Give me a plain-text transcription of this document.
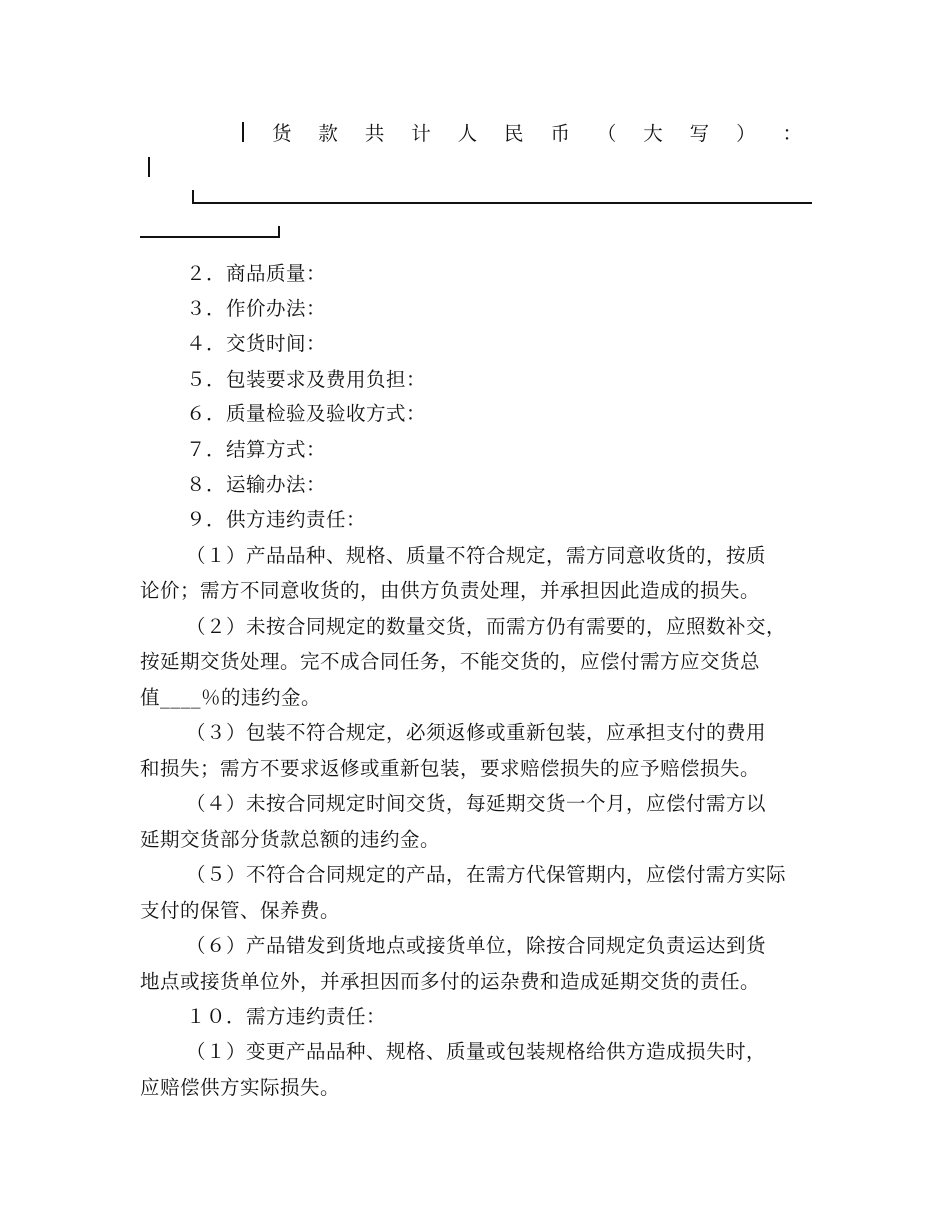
货 款 共 计 人 民 币 （ 大 写 ） ：
２．商品质量：
３．作价办法：
４．交货时间：
５．包装要求及费用负担：
６．质量检验及验收方式：
７．结算方式：
８．运输办法：
９．供方违约责任：
（１）产品品种、规格、质量不符合规定，需方同意收货的，按质
论价；需方不同意收货的，由供方负责处理，并承担因此造成的损失。
（２）未按合同规定的数量交货，而需方仍有需要的，应照数补交，
按延期交货处理。完不成合同任务，不能交货的，应偿付需方应交货总
值____％的违约金。
（３）包装不符合规定，必须返修或重新包装，应承担支付的费用
和损失；需方不要求返修或重新包装，要求赔偿损失的应予赔偿损失。
（４）未按合同规定时间交货，每延期交货一个月，应偿付需方以
延期交货部分货款总额的违约金。
（５）不符合合同规定的产品，在需方代保管期内，应偿付需方实际
支付的保管、保养费。
（６）产品错发到货地点或接货单位，除按合同规定负责运达到货
地点或接货单位外，并承担因而多付的运杂费和造成延期交货的责任。
１０．需方违约责任：
（１）变更产品品种、规格、质量或包装规格给供方造成损失时，
应赔偿供方实际损失。
